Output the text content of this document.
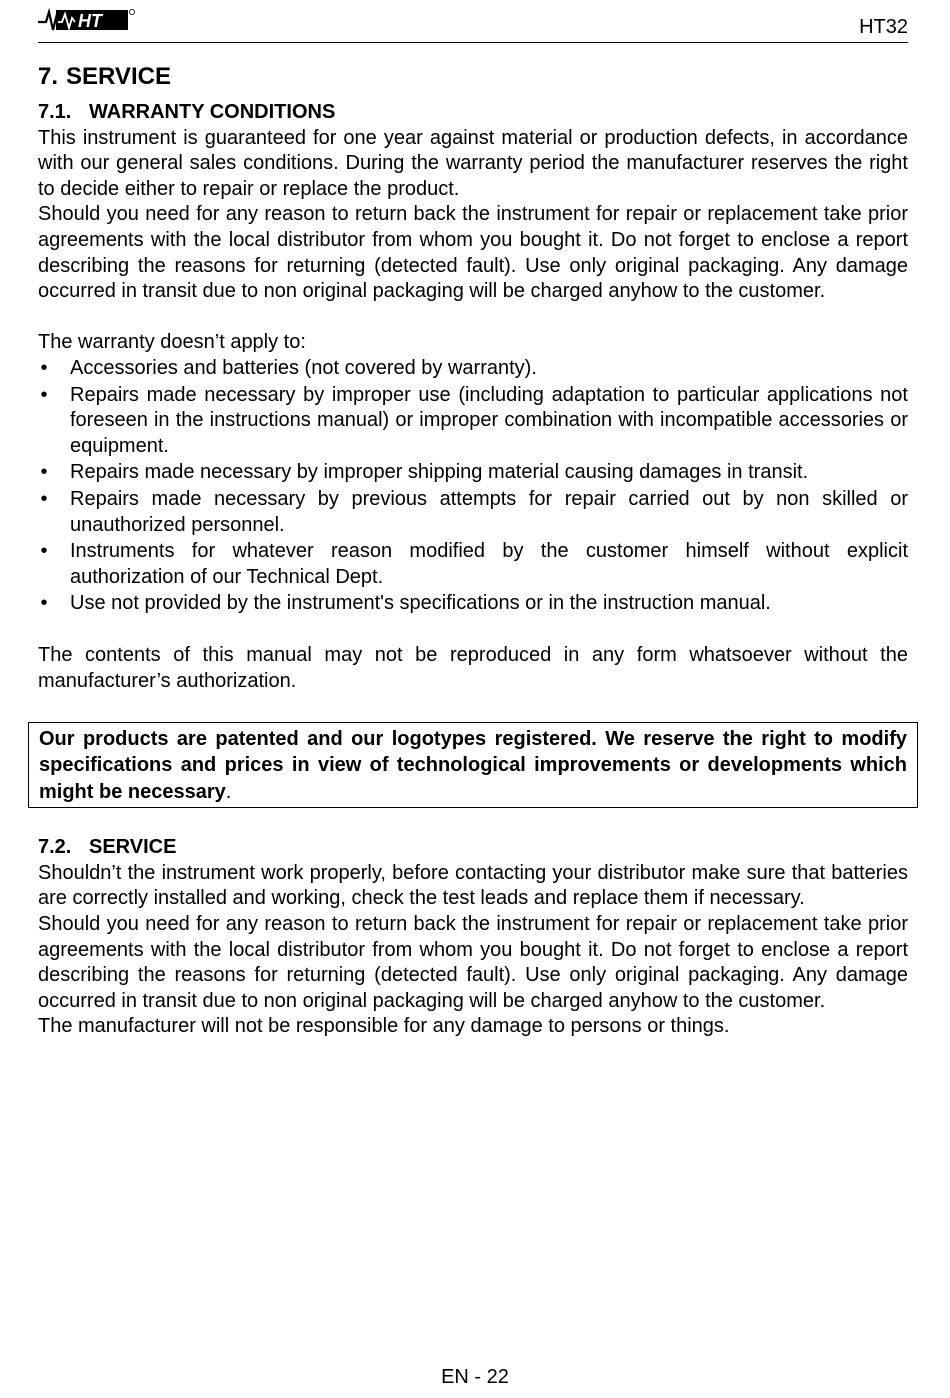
HT	HT32
7. SERVICE
7.1. WARRANTY CONDITIONS

This instrument is guaranteed for one year against material or production defects, in accordance with our general sales conditions. During the warranty period the manufacturer reserves the right to decide either to repair or replace the product.

Should you need for any reason to return back the instrument for repair or replacement take prior agreements with the local distributor from whom you bought it. Do not forget to enclose a report describing the reasons for returning (detected fault). Use only original packaging. Any damage occurred in transit due to non original packaging will be charged anyhow to the customer.

The warranty doesn’t apply to:

• Accessories and batteries (not covered by warranty).
• Repairs made necessary by improper use (including adaptation to particular applications not foreseen in the instructions manual) or improper combination with incompatible accessories or equipment.
• Repairs made necessary by improper shipping material causing damages in transit.
• Repairs made necessary by previous attempts for repair carried out by non skilled or unauthorized personnel.
• Instruments for whatever reason modified by the customer himself without explicit authorization of our Technical Dept.
• Use not provided by the instrument's specifications or in the instruction manual.

The contents of this manual may not be reproduced in any form whatsoever without the manufacturer’s authorization.

Our products are patented and our logotypes registered. We reserve the right to modify specifications and prices in view of technological improvements or developments which might be necessary.
7.2. SERVICE

Shouldn’t the instrument work properly, before contacting your distributor make sure that batteries are correctly installed and working, check the test leads and replace them if necessary.

Should you need for any reason to return back the instrument for repair or replacement take prior agreements with the local distributor from whom you bought it. Do not forget to enclose a report describing the reasons for returning (detected fault). Use only original packaging. Any damage occurred in transit due to non original packaging will be charged anyhow to the customer.

The manufacturer will not be responsible for any damage to persons or things.

EN - 22
